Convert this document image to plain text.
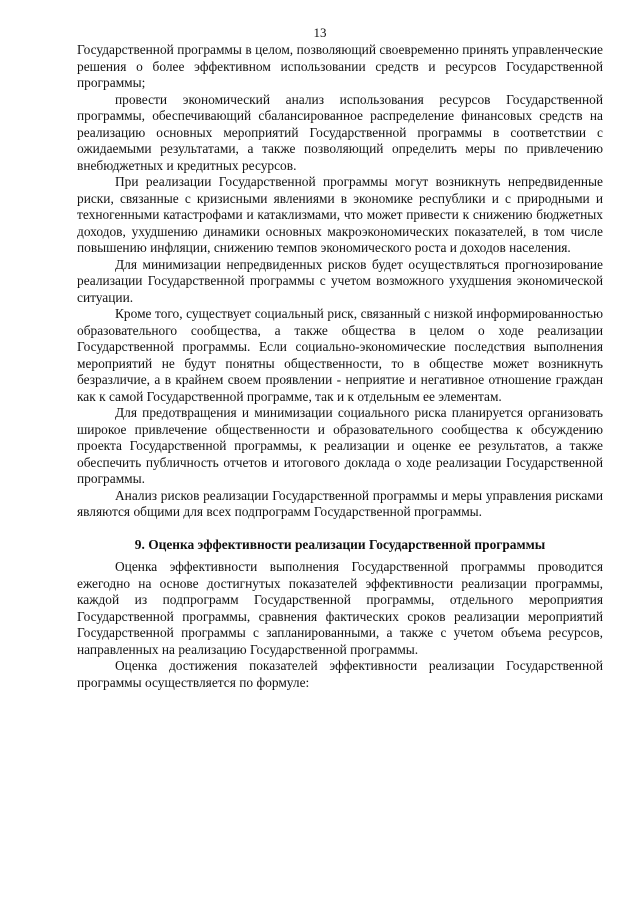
13

Государственной программы в целом, позволяющий своевременно принять управленческие решения о более эффективном использовании средств и ресурсов Государственной программы;

провести экономический анализ использования ресурсов Государственной программы, обеспечивающий сбалансированное распределение финансовых средств на реализацию основных мероприятий Государственной программы в соответствии с ожидаемыми результатами, а также позволяющий определить меры по привлечению внебюджетных и кредитных ресурсов.

При реализации Государственной программы могут возникнуть непредвиденные риски, связанные с кризисными явлениями в экономике республики и с природными и техногенными катастрофами и катаклизмами, что может привести к снижению бюджетных доходов, ухудшению динамики основных макроэкономических показателей, в том числе повышению инфляции, снижению темпов экономического роста и доходов населения.

Для минимизации непредвиденных рисков будет осуществляться прогнозирование реализации Государственной программы с учетом возможного ухудшения экономической ситуации.

Кроме того, существует социальный риск, связанный с низкой информированностью образовательного сообщества, а также общества в целом о ходе реализации Государственной программы. Если социально-экономические последствия выполнения мероприятий не будут понятны общественности, то в обществе может возникнуть безразличие, а в крайнем своем проявлении - неприятие и негативное отношение граждан как к самой Государственной программе, так и к отдельным ее элементам.

Для предотвращения и минимизации социального риска планируется организовать широкое привлечение общественности и образовательного сообщества к обсуждению проекта Государственной программы, к реализации и оценке ее результатов, а также обеспечить публичность отчетов и итогового доклада о ходе реализации Государственной программы.

Анализ рисков реализации Государственной программы и меры управления рисками являются общими для всех подпрограмм Государственной программы.

9. Оценка эффективности реализации Государственной программы

Оценка эффективности выполнения Государственной программы проводится ежегодно на основе достигнутых показателей эффективности реализации программы, каждой из подпрограмм Государственной программы, отдельного мероприятия Государственной программы, сравнения фактических сроков реализации мероприятий Государственной программы с запланированными, а также с учетом объема ресурсов, направленных на реализацию Государственной программы.

Оценка достижения показателей эффективности реализации Государственной программы осуществляется по формуле:
